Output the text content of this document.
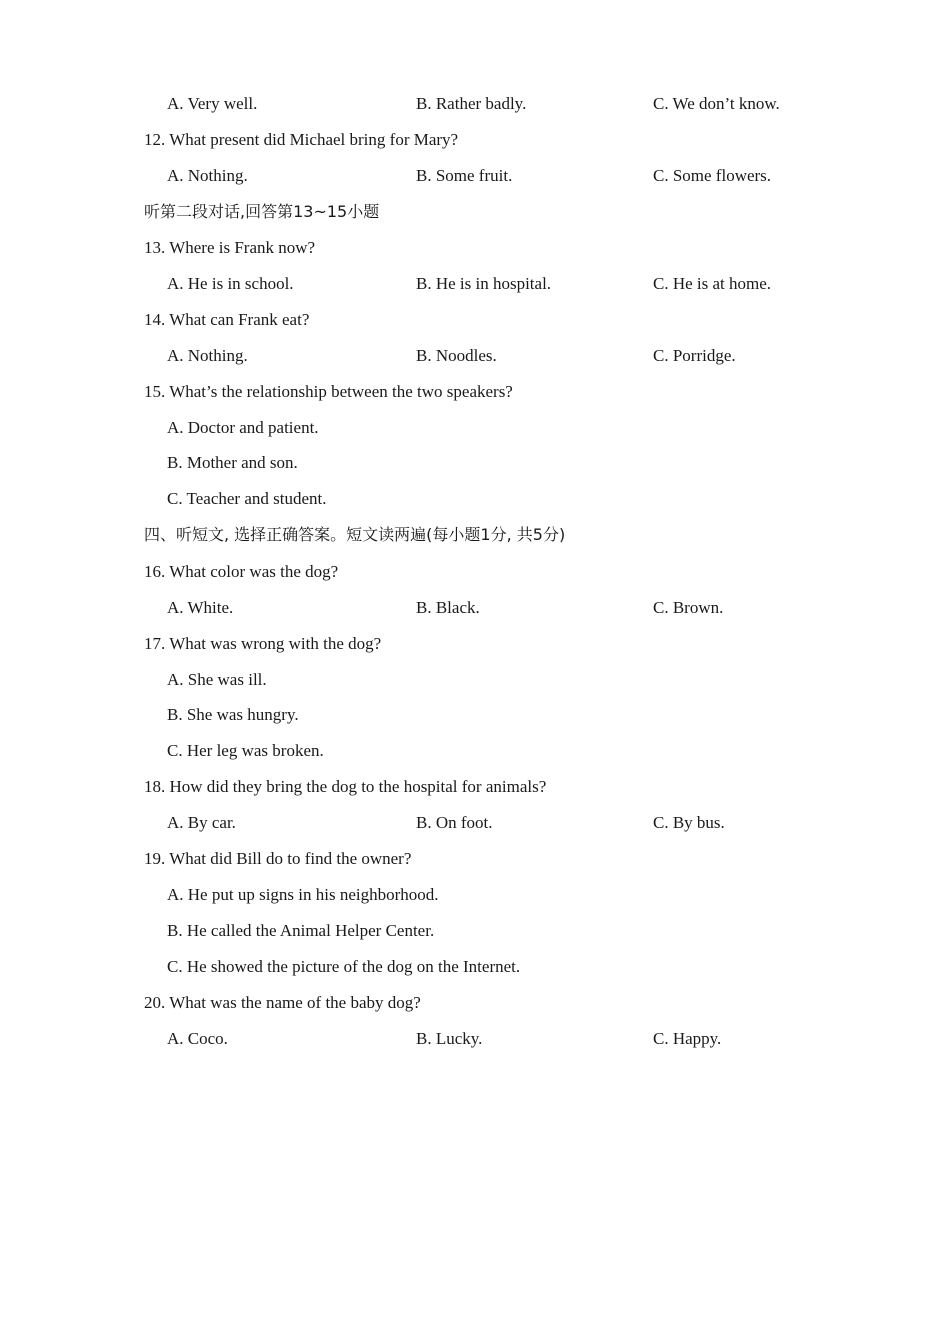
A. Very well.	B. Rather badly.	C. We don’t know.
12. What present did Michael bring for Mary?
A. Nothing.	B. Some fruit.	C. Some flowers.
听第二段对话,回答第13~15小题
13. Where is Frank now?
A. He is in school.	B. He is in hospital.	C. He is at home.
14. What can Frank eat?
A. Nothing.	B. Noodles.	C. Porridge.
15. What’s the relationship between the two speakers?
A. Doctor and patient.
B. Mother and son.
C. Teacher and student.
四、听短文, 选择正确答案。短文读两遍(每小题1分, 共5分)
16. What color was the dog?
A. White.	B. Black.	C. Brown.
17. What was wrong with the dog?
A. She was ill.
B. She was hungry.
C. Her leg was broken.
18. How did they bring the dog to the hospital for animals?
A. By car.	B. On foot.	C. By bus.
19. What did Bill do to find the owner?
A. He put up signs in his neighborhood.
B. He called the Animal Helper Center.
C. He showed the picture of the dog on the Internet.
20. What was the name of the baby dog?
A. Coco.	B. Lucky.	C. Happy.
